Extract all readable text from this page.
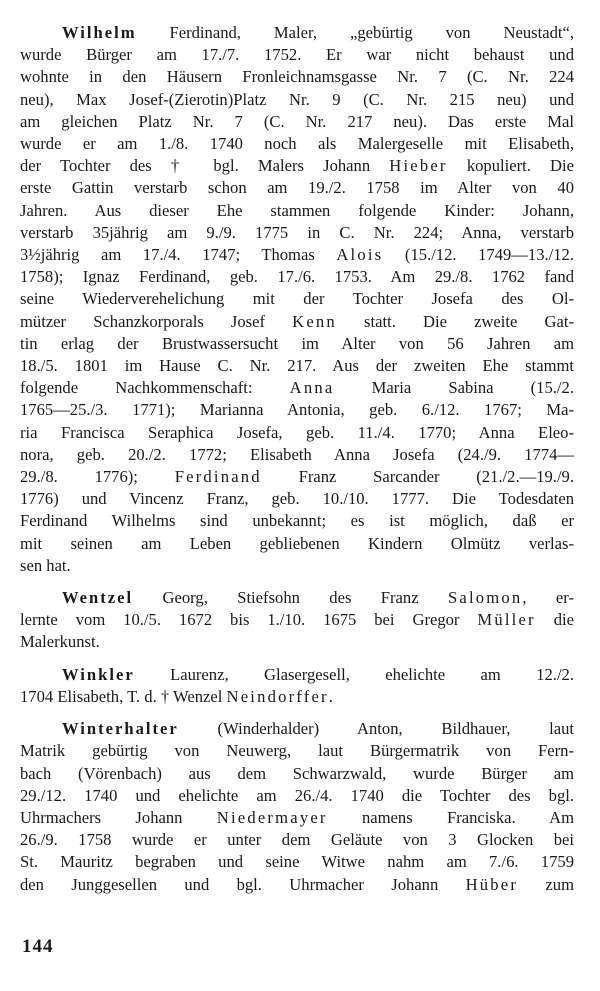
Wilhelm Ferdinand, Maler, „gebürtig von Neustadt“,
wurde Bürger am 17./7. 1752. Er war nicht behaust und
wohnte in den Häusern Fronleichnamsgasse Nr. 7 (C. Nr. 224
neu), Max Josef-(Zierotin)Platz Nr. 9 (C. Nr. 215 neu) und
am gleichen Platz Nr. 7 (C. Nr. 217 neu). Das erste Mal
wurde er am 1./8. 1740 noch als Malergeselle mit Elisabeth,
der Tochter des † bgl. Malers Johann Hieber kopuliert. Die
erste Gattin verstarb schon am 19./2. 1758 im Alter von 40
Jahren. Aus dieser Ehe stammen folgende Kinder: Johann,
verstarb 35jährig am 9./9. 1775 in C. Nr. 224; Anna, verstarb
3½jährig am 17./4. 1747; Thomas Alois (15./12. 1749—13./12.
1758); Ignaz Ferdinand, geb. 17./6. 1753. Am 29./8. 1762 fand
seine Wiederverehelichung mit der Tochter Josefa des Ol-
mützer Schanzkorporals Josef Kenn statt. Die zweite Gat-
tin erlag der Brustwassersucht im Alter von 56 Jahren am
18./5. 1801 im Hause C. Nr. 217. Aus der zweiten Ehe stammt
folgende Nachkommenschaft: Anna Maria Sabina (15./2.
1765—25./3. 1771); Marianna Antonia, geb. 6./12. 1767; Ma-
ria Francisca Seraphica Josefa, geb. 11./4. 1770; Anna Eleo-
nora, geb. 20./2. 1772; Elisabeth Anna Josefa (24./9. 1774—
29./8. 1776); Ferdinand Franz Sarcander (21./2.—19./9.
1776) und Vincenz Franz, geb. 10./10. 1777. Die Todesdaten
Ferdinand Wilhelms sind unbekannt; es ist möglich, daß er
mit seinen am Leben gebliebenen Kindern Olmütz verlas-
sen hat.

Wentzel Georg, Stiefsohn des Franz Salomon, er-
lernte vom 10./5. 1672 bis 1./10. 1675 bei Gregor Müller die
Malerkunst.

Winkler Laurenz, Glasergesell, ehelichte am 12./2.
1704 Elisabeth, T. d. † Wenzel Neindorffer.

Winterhalter (Winderhalder) Anton, Bildhauer, laut
Matrik gebürtig von Neuwerg, laut Bürgermatrik von Fern-
bach (Vörenbach) aus dem Schwarzwald, wurde Bürger am
29./12. 1740 und ehelichte am 26./4. 1740 die Tochter des bgl.
Uhrmachers Johann Niedermayer namens Franciska. Am
26./9. 1758 wurde er unter dem Geläute von 3 Glocken bei
St. Mauritz begraben und seine Witwe nahm am 7./6. 1759
den Junggesellen und bgl. Uhrmacher Johann Hüber zum

144
